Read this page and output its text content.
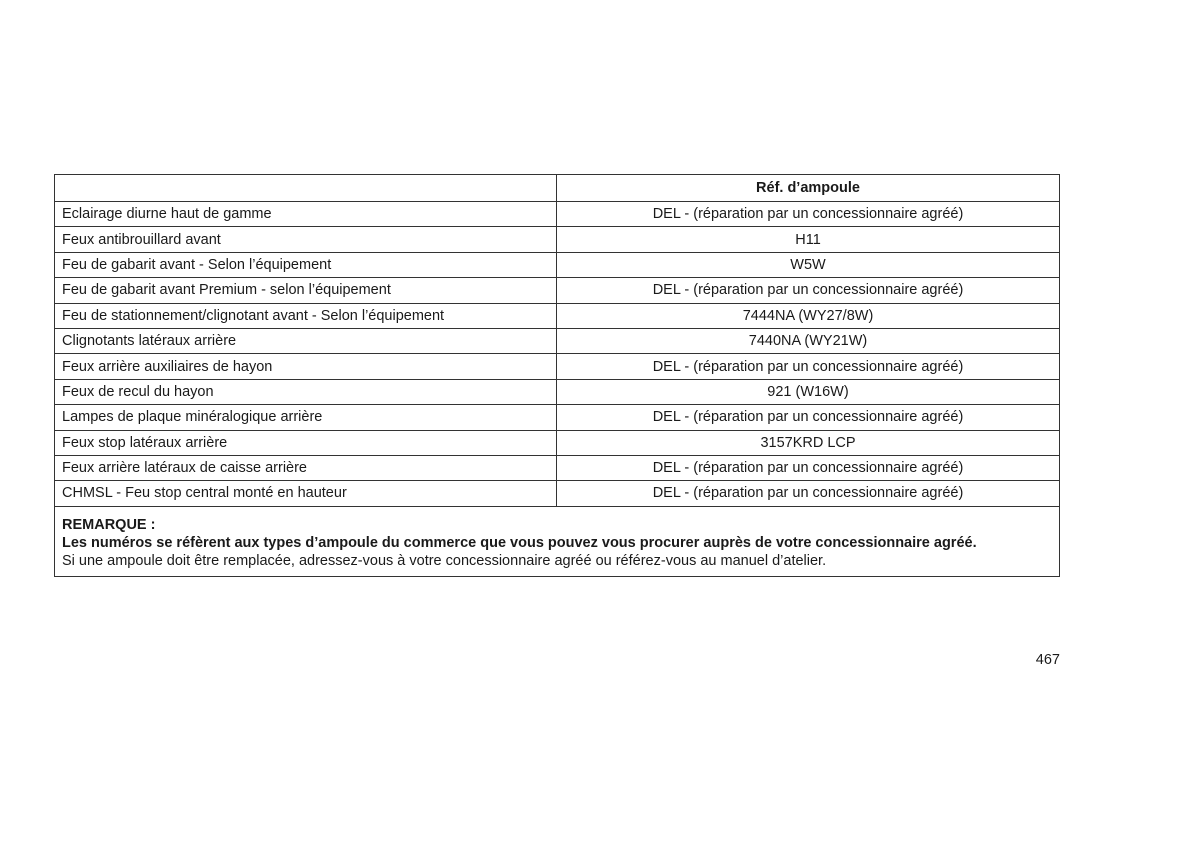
	Réf. d’ampoule
Eclairage diurne haut de gamme	DEL - (réparation par un concessionnaire agréé)
Feux antibrouillard avant	H11
Feu de gabarit avant - Selon l’équipement	W5W
Feu de gabarit avant Premium - selon l’équipement	DEL - (réparation par un concessionnaire agréé)
Feu de stationnement/clignotant avant - Selon l’équipement	7444NA (WY27/8W)
Clignotants latéraux arrière	7440NA (WY21W)
Feux arrière auxiliaires de hayon	DEL - (réparation par un concessionnaire agréé)
Feux de recul du hayon	921 (W16W)
Lampes de plaque minéralogique arrière	DEL - (réparation par un concessionnaire agréé)
Feux stop latéraux arrière	3157KRD LCP
Feux arrière latéraux de caisse arrière	DEL - (réparation par un concessionnaire agréé)
CHMSL - Feu stop central monté en hauteur	DEL - (réparation par un concessionnaire agréé)

REMARQUE :
Les numéros se réfèrent aux types d’ampoule du commerce que vous pouvez vous procurer auprès de votre concessionnaire agréé.
Si une ampoule doit être remplacée, adressez-vous à votre concessionnaire agréé ou référez-vous au manuel d’atelier.	
467
